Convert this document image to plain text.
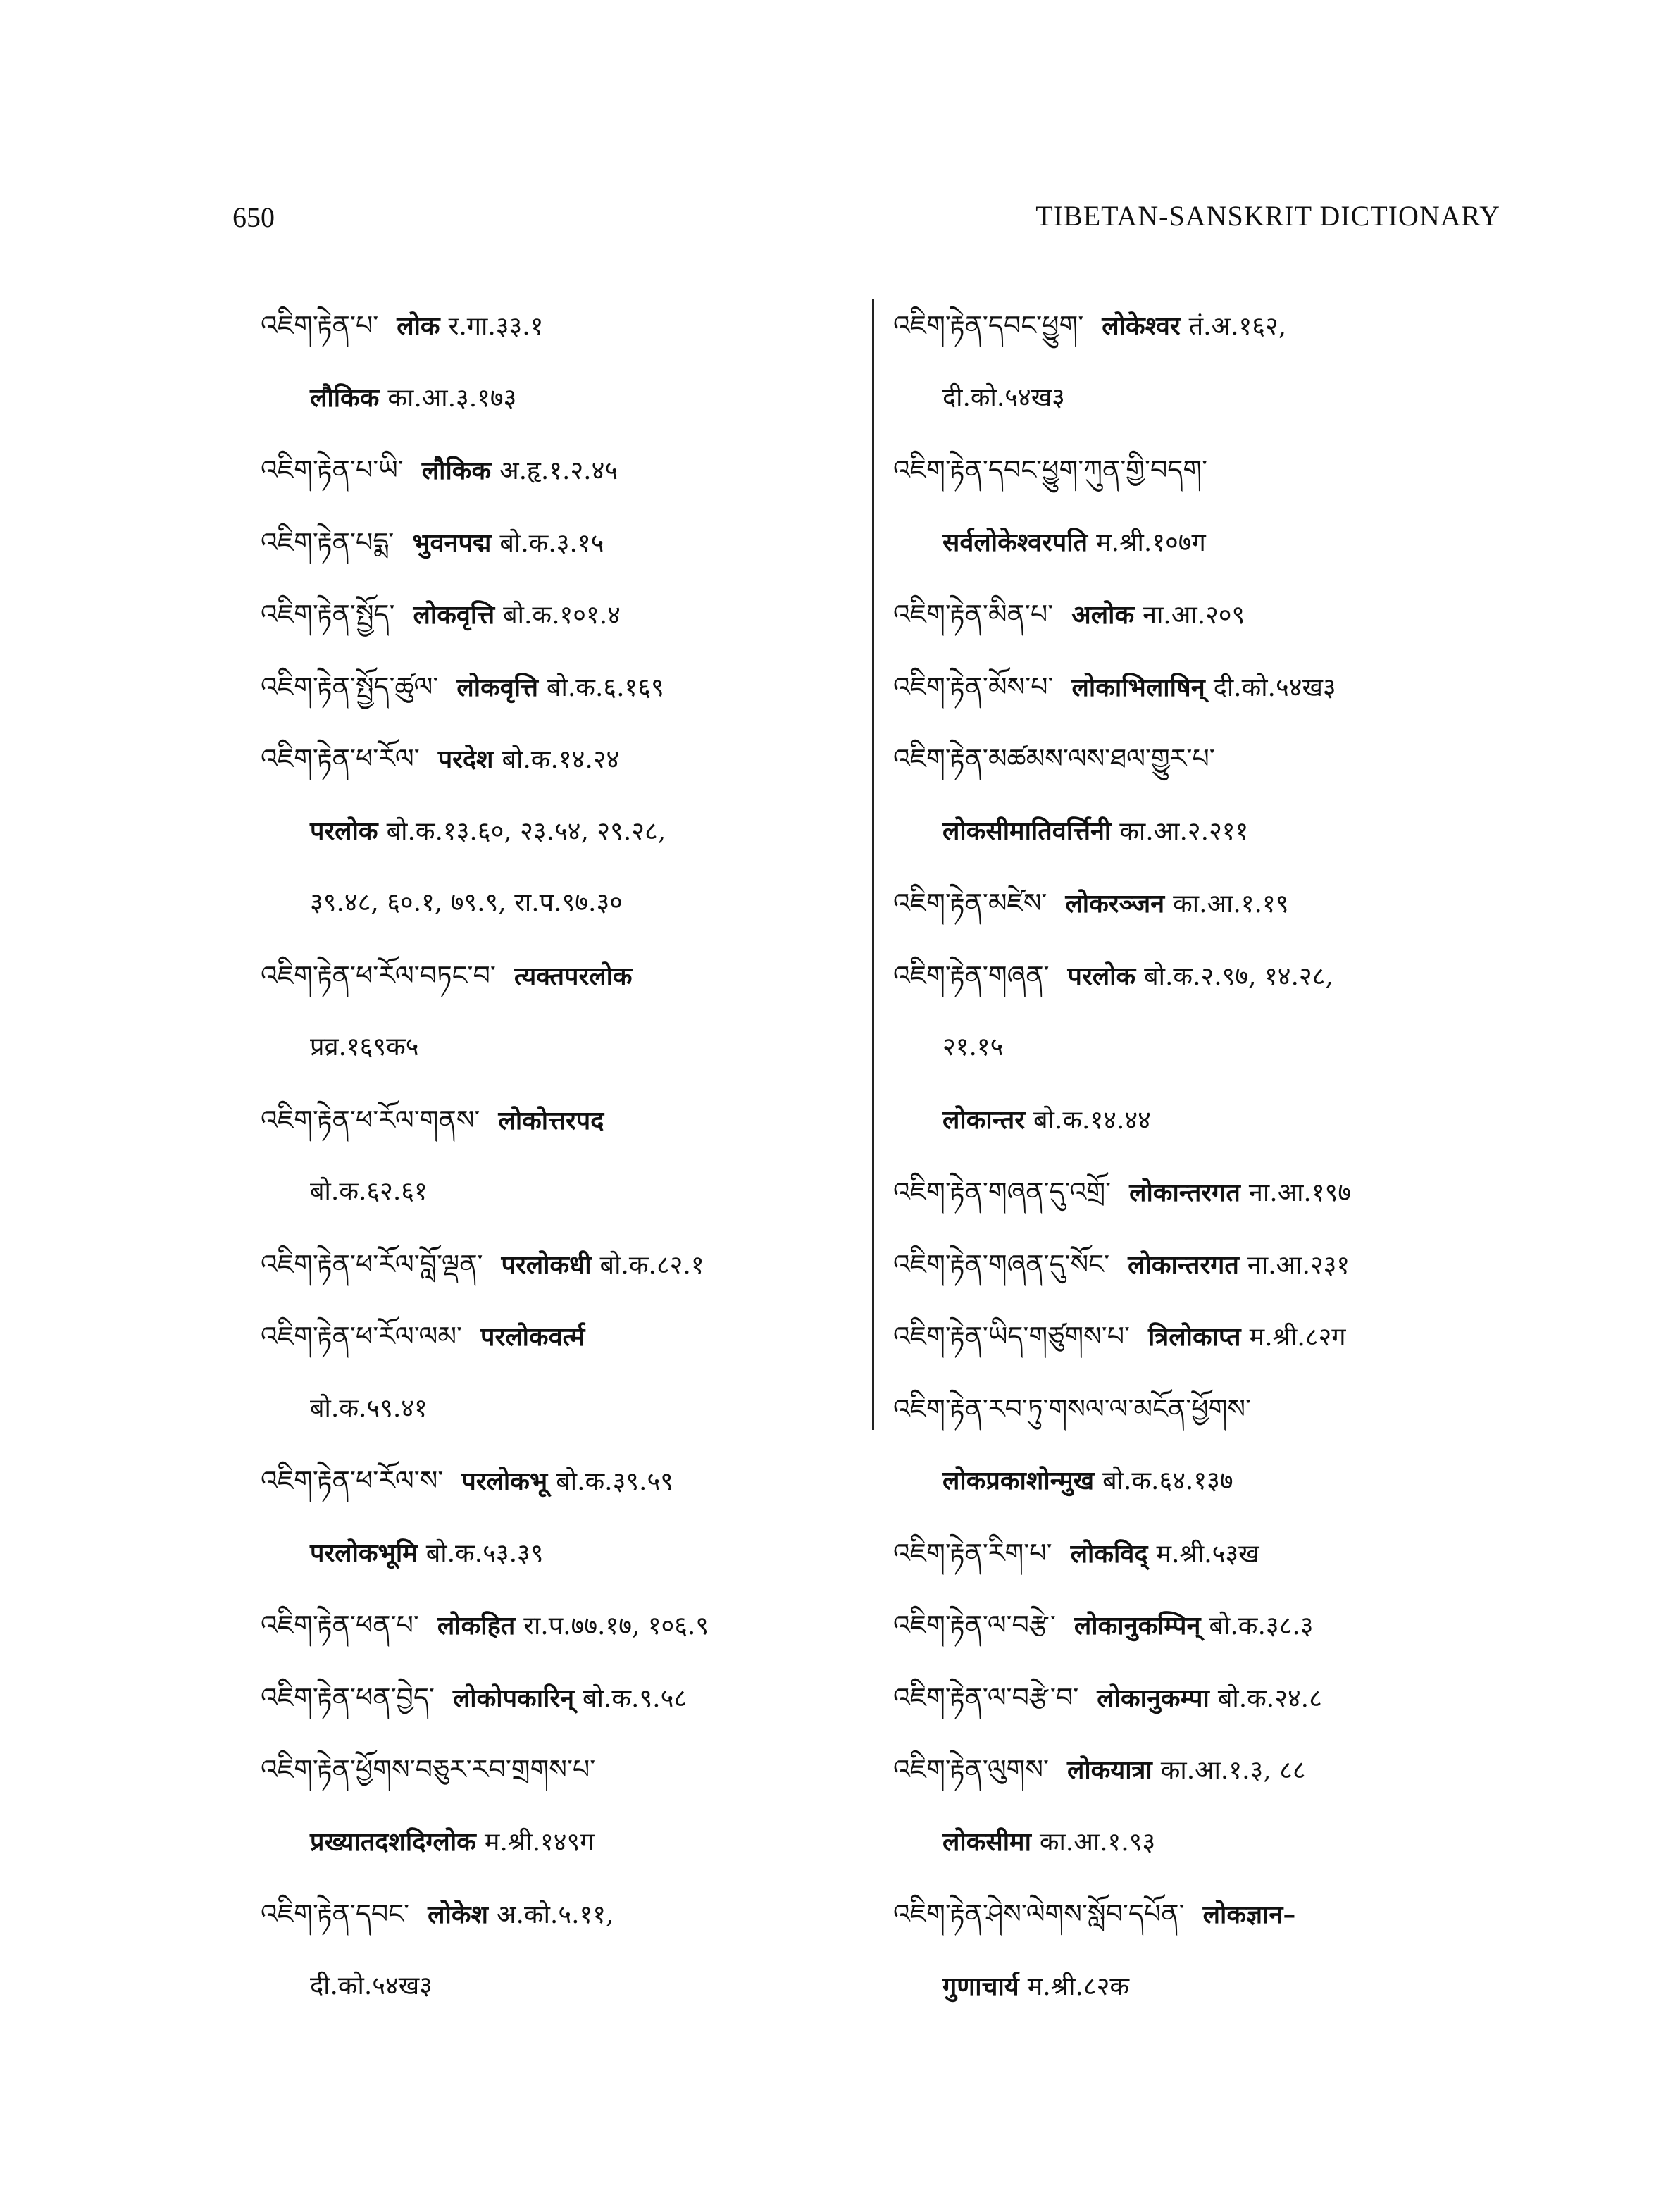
650	TIBETAN-SANSKRIT DICTIONARY
འཇིག་རྟེན་པ་ लोक र.गा.३३.१
लौकिक का.आ.३.१७३
འཇིག་རྟེན་པ་ཡི་ लौकिक अ.हृ.१.२.४५
འཇིག་རྟེན་པདྨ་ भुवनपद्म बो.क.३.१५
འཇིག་རྟེན་སྤྱོད་ लोकवृत्ति बो.क.१०१.४
འཇིག་རྟེན་སྤྱོད་ཚུལ་ लोकवृत्ति बो.क.६.१६९
འཇིག་རྟེན་ཕ་རོལ་ परदेश बो.क.१४.२४
परलोक बो.क.१३.६०, २३.५४, २९.२८,
३९.४८, ६०.१, ७९.९, रा.प.९७.३०
འཇིག་རྟེན་ཕ་རོལ་བཏང་བ་ त्यक्तपरलोक
प्रव्र.१६९क५
འཇིག་རྟེན་ཕ་རོལ་གནས་ लोकोत्तरपद
बो.क.६२.६१
འཇིག་རྟེན་ཕ་རོལ་བློ་ལྡན་ परलोकधी बो.क.८२.१
འཇིག་རྟེན་ཕ་རོལ་ལམ་ परलोकवर्त्म
बो.क.५९.४१
འཇིག་རྟེན་ཕ་རོལ་ས་ परलोकभू बो.क.३९.५९
परलोकभूमि बो.क.५३.३९
འཇིག་རྟེན་ཕན་པ་ लोकहित रा.प.७७.१७, १०६.९
འཇིག་རྟེན་ཕན་བྱེད་ लोकोपकारिन् बो.क.९.५८
འཇིག་རྟེན་ཕྱོགས་བཅུར་རབ་གྲགས་པ་
प्रख्यातदशदिग्लोक म.श्री.१४९ग
འཇིག་རྟེན་དབང་ लोकेश अ.को.५.११,
दी.को.५४ख३
འཇིག་རྟེན་དབང་ཕྱུག་ लोकेश्वर तं.अ.१६२,
दी.को.५४ख३
འཇིག་རྟེན་དབང་ཕྱུག་ཀུན་གྱི་བདག་
सर्वलोकेश्वरपति म.श्री.१०७ग
འཇིག་རྟེན་མིན་པ་ अलोक ना.आ.२०९
འཇིག་རྟེན་མོས་པ་ लोकाभिलाषिन् दी.को.५४ख३
འཇིག་རྟེན་མཚམས་ལས་ཐལ་གྱུར་པ་
लोकसीमातिवर्त्तिनी का.आ.२.२११
འཇིག་རྟེན་མཛེས་ लोकरञ्जन का.आ.१.१९
འཇིག་རྟེན་གཞན་ परलोक बो.क.२.९७, १४.२८,
२१.१५
लोकान्तर बो.क.१४.४४
འཇིག་རྟེན་གཞན་དུ་འགྲོ་ लोकान्तरगत ना.आ.१९७
འཇིག་རྟེན་གཞན་དུ་སོང་ लोकान्तरगत ना.आ.२३१
འཇིག་རྟེན་ཡིད་གཙུགས་པ་ त्रिलोकाप्त म.श्री.८२ग
འཇིག་རྟེན་རབ་ཏུ་གསལ་ལ་མངོན་ཕྱོགས་
लोकप्रकाशोन्मुख बो.क.६४.१३७
འཇིག་རྟེན་རིག་པ་ लोकविद् म.श्री.५३ख
འཇིག་རྟེན་ལ་བརྩེ་ लोकानुकम्पिन् बो.क.३८.३
འཇིག་རྟེན་ལ་བརྩེ་བ་ लोकानुकम्पा बो.क.२४.८
འཇིག་རྟེན་ལུགས་ लोकयात्रा का.आ.१.३, ८८
लोकसीमा का.आ.१.९३
འཇིག་རྟེན་ཤེས་ལེགས་སློབ་དཔོན་ लोकज्ञान–
गुणाचार्य म.श्री.८२क
